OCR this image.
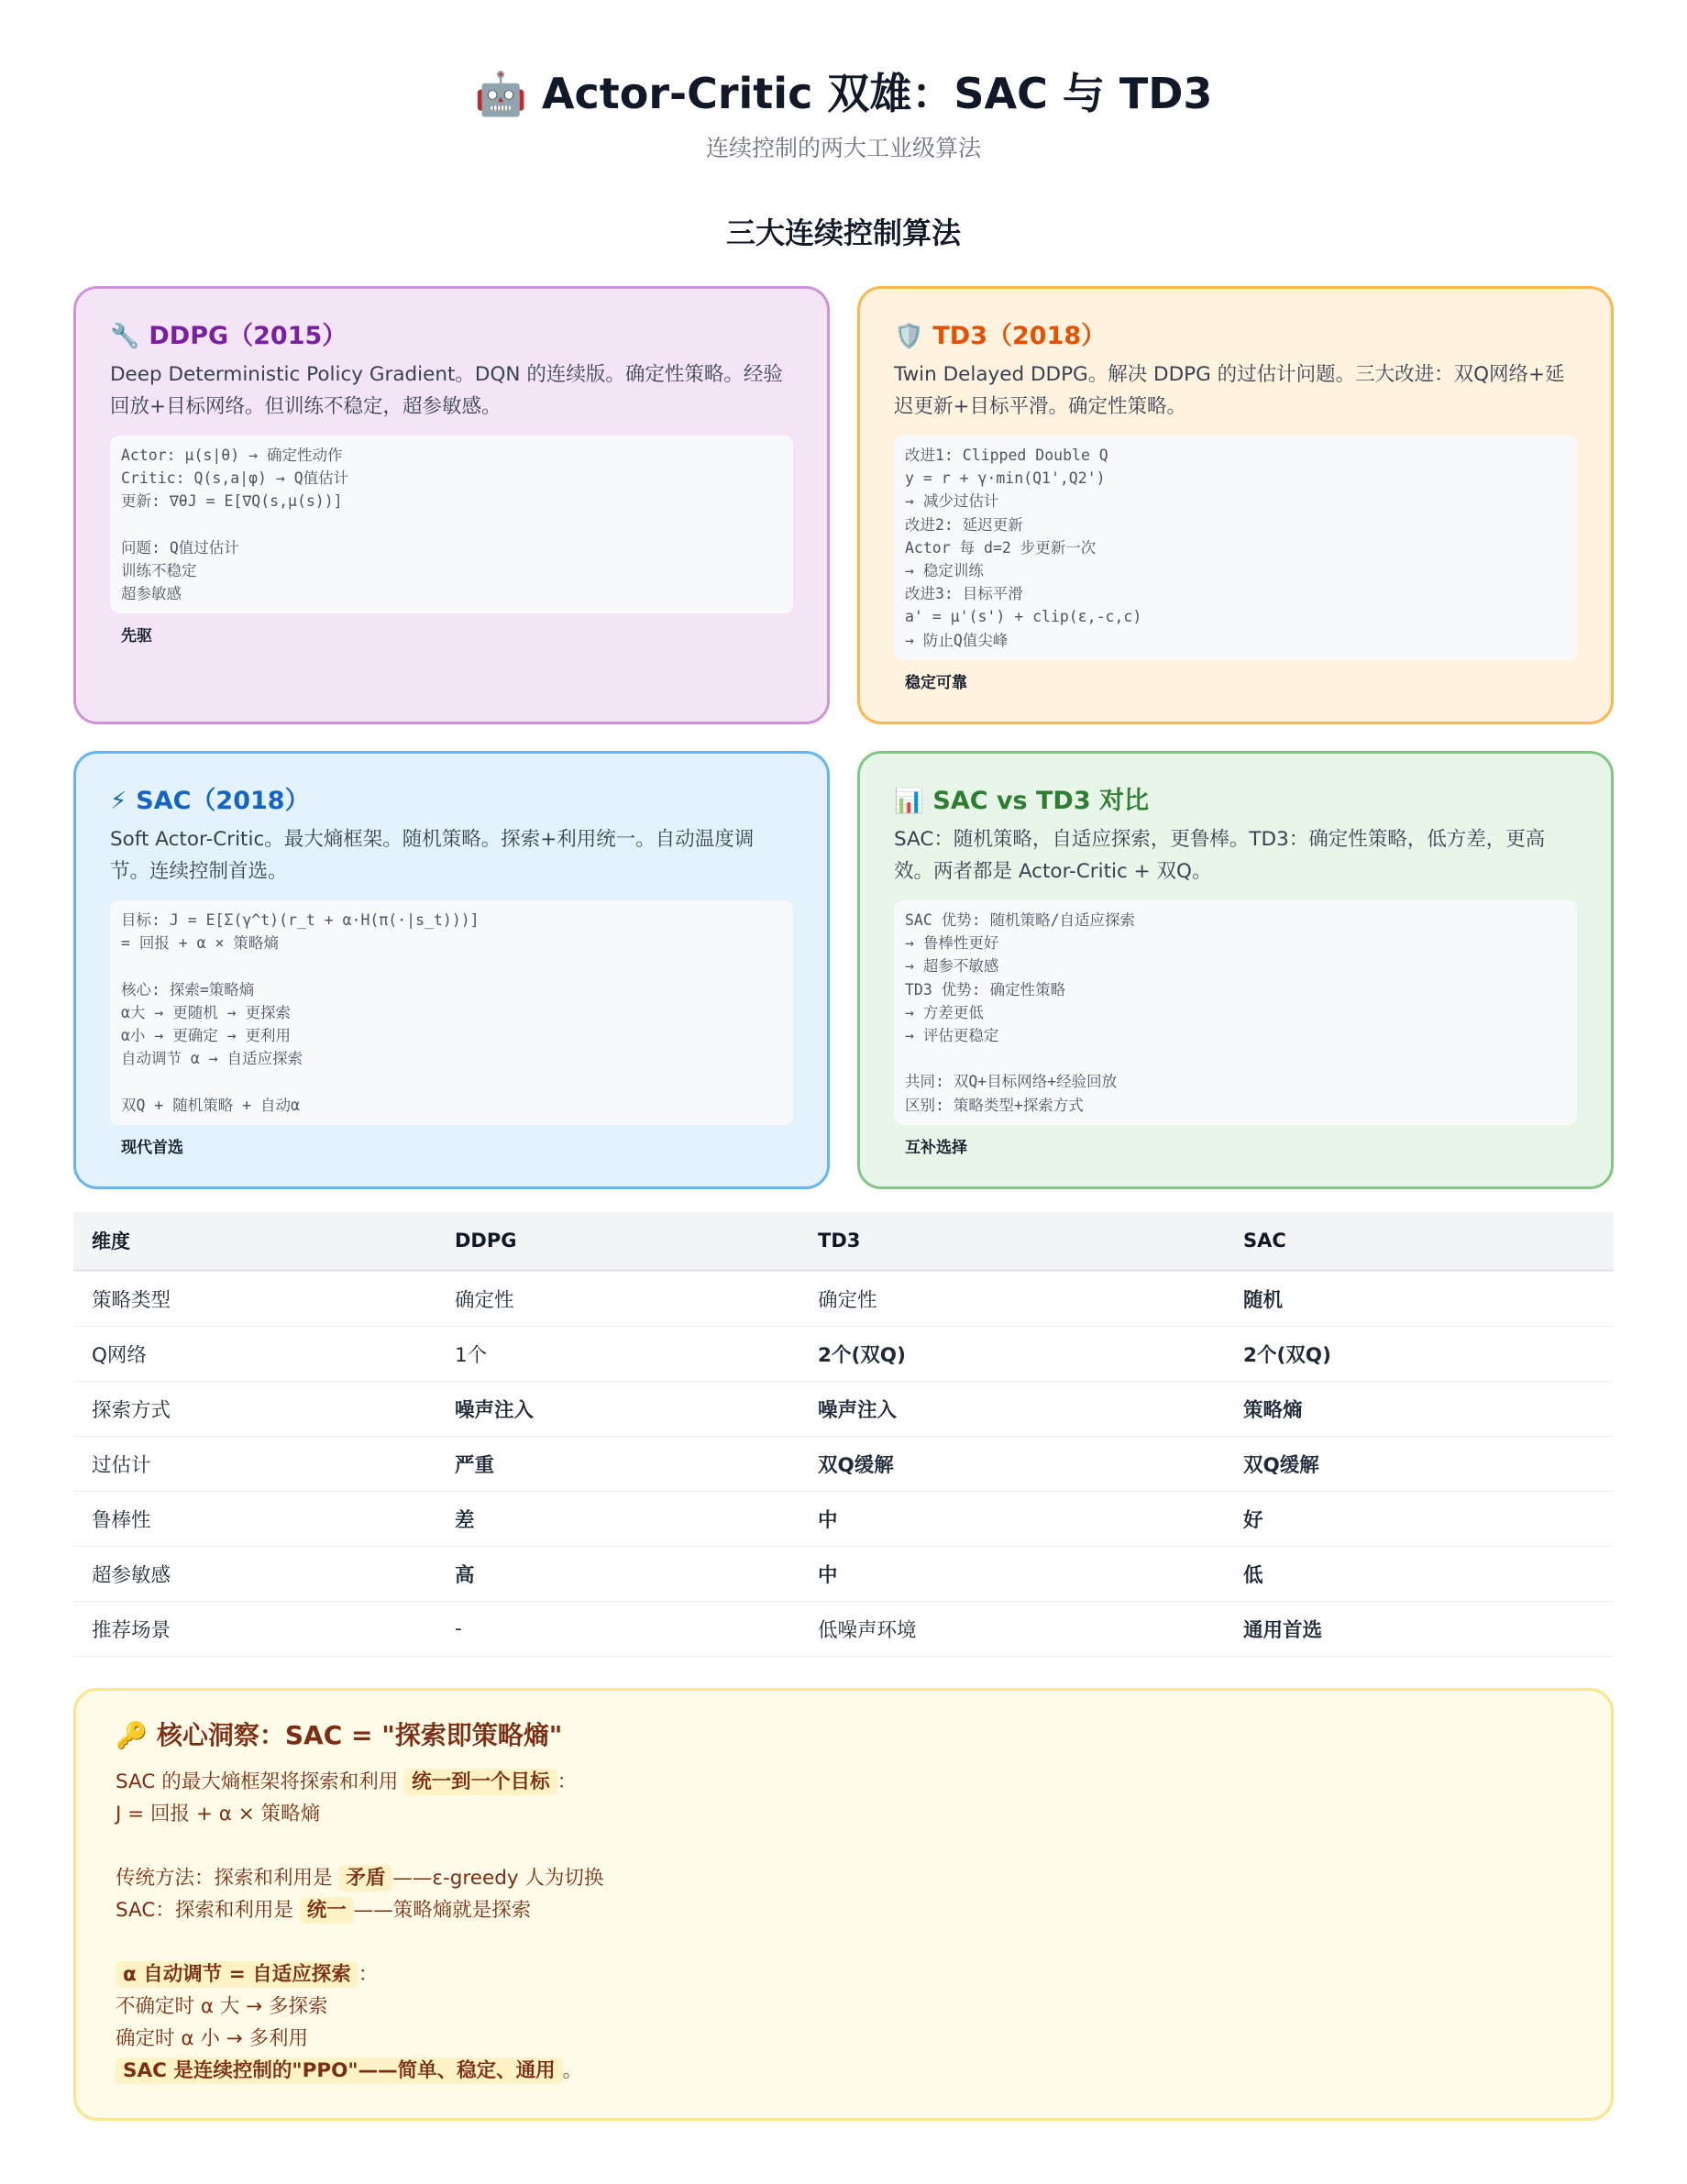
🤖 Actor-Critic 双雄：SAC 与 TD3
连续控制的两大工业级算法
三大连续控制算法
🔧 DDPG（2015）
Deep Deterministic Policy Gradient。DQN 的连续版。确定性策略。经验回放+目标网络。但训练不稳定，超参敏感。
Actor: μ(s|θ) → 确定性动作
Critic: Q(s,a|φ) → Q值估计
更新: ∇θJ = E[∇Q(s,μ(s))]

问题: Q值过估计
训练不稳定
超参敏感
先驱
🛡️ TD3（2018）
Twin Delayed DDPG。解决 DDPG 的过估计问题。三大改进：双Q网络+延迟更新+目标平滑。确定性策略。
改进1: Clipped Double Q
y = r + γ·min(Q1',Q2')
→ 减少过估计
改进2: 延迟更新
Actor 每 d=2 步更新一次
→ 稳定训练
改进3: 目标平滑
a' = μ'(s') + clip(ε,-c,c)
→ 防止Q值尖峰
稳定可靠
⚡ SAC（2018）
Soft Actor-Critic。最大熵框架。随机策略。探索+利用统一。自动温度调节。连续控制首选。
目标: J = E[Σ(γ^t)(r_t + α·H(π(·|s_t)))]
= 回报 + α × 策略熵

核心: 探索=策略熵
α大 → 更随机 → 更探索
α小 → 更确定 → 更利用
自动调节 α → 自适应探索

双Q + 随机策略 + 自动α
现代首选
📊 SAC vs TD3 对比
SAC：随机策略，自适应探索，更鲁棒。TD3：确定性策略，低方差，更高效。两者都是 Actor-Critic + 双Q。
SAC 优势: 随机策略/自适应探索
→ 鲁棒性更好
→ 超参不敏感
TD3 优势: 确定性策略
→ 方差更低
→ 评估更稳定

共同: 双Q+目标网络+经验回放
区别: 策略类型+探索方式
互补选择
维度	DDPG	TD3	SAC
策略类型	确定性	确定性	随机
Q网络	1个	2个(双Q)	2个(双Q)
探索方式	噪声注入	噪声注入	策略熵
过估计	严重	双Q缓解	双Q缓解
鲁棒性	差	中	好
超参敏感	高	中	低
推荐场景	-	低噪声环境	通用首选
🔑 核心洞察：SAC = "探索即策略熵"
SAC 的最大熵框架将探索和利用 统一到一个目标 ：
J = 回报 + α × 策略熵
传统方法：探索和利用是 矛盾 ——ε-greedy 人为切换
SAC：探索和利用是 统一 ——策略熵就是探索
α 自动调节 = 自适应探索 ：
不确定时 α 大 → 多探索
确定时 α 小 → 多利用
SAC 是连续控制的"PPO"——简单、稳定、通用 。
